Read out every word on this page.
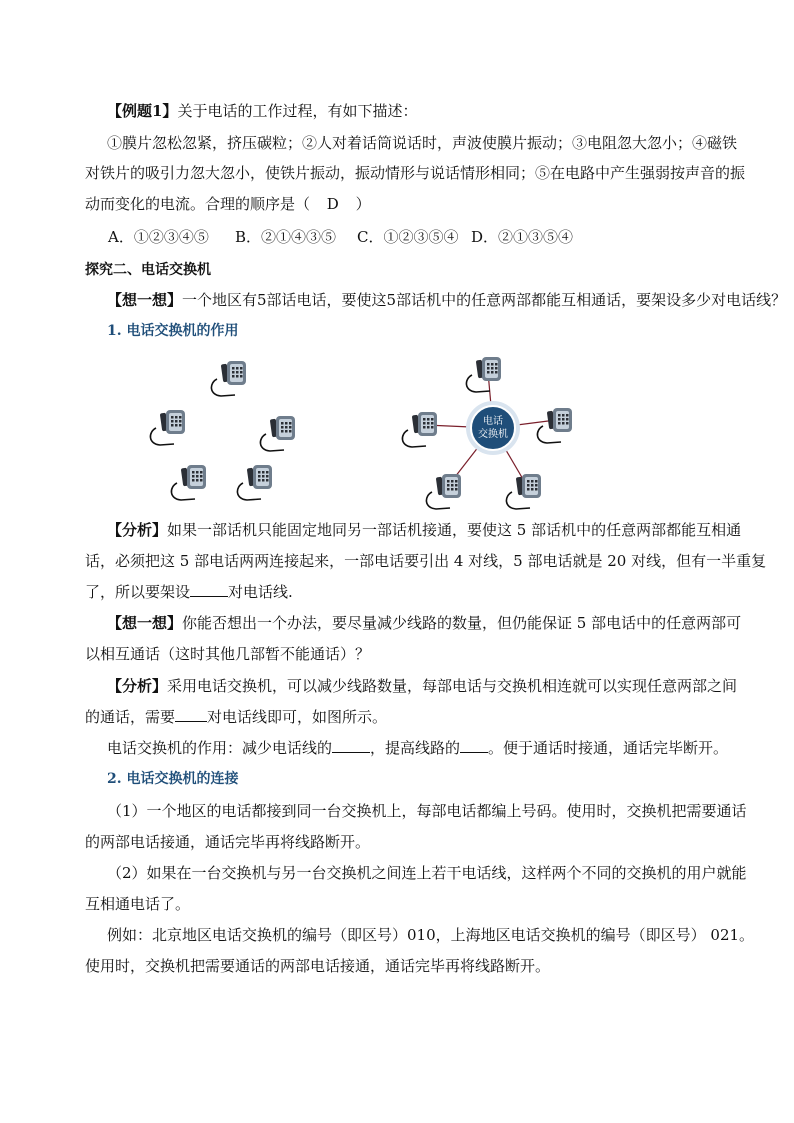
【例题1】关于电话的工作过程，有如下描述：
①膜片忽松忽紧，挤压碳粒；②人对着话筒说话时，声波使膜片振动；③电阻忽大忽小；④磁铁
对铁片的吸引力忽大忽小，使铁片振动，振动情形与说话情形相同；⑤在电路中产生强弱按声音的振
动而变化的电流。合理的顺序是（ D ）
A．①②③④⑤ B．②①④③⑤ C．①②③⑤④ D．②①③⑤④
探究二、电话交换机
【想一想】一个地区有5部话电话，要使这5部话机中的任意两部都能互相通话，要架设多少对电话线？
1. 电话交换机的作用
电话
交换机
【分析】如果一部话机只能固定地同另一部话机接通，要使这 5 部话机中的任意两部都能互相通
话，必须把这 5 部电话两两连接起来，一部电话要引出 4 对线，5 部电话就是 20 对线，但有一半重复
了，所以要架设	对电话线.
【想一想】你能否想出一个办法，要尽量减少线路的数量，但仍能保证 5 部电话中的任意两部可
以相互通话（这时其他几部暂不能通话）？
【分析】采用电话交换机，可以减少线路数量，每部电话与交换机相连就可以实现任意两部之间
的通话，需要 对电话线即可，如图所示。
电话交换机的作用：减少电话线的	，提高线路的 。便于通话时接通，通话完毕断开。
2. 电话交换机的连接
（1）一个地区的电话都接到同一台交换机上，每部电话都编上号码。使用时，交换机把需要通话
的两部电话接通，通话完毕再将线路断开。
（2）如果在一台交换机与另一台交换机之间连上若干电话线，这样两个不同的交换机的用户就能
互相通电话了。
例如：北京地区电话交换机的编号（即区号）010，上海地区电话交换机的编号（即区号） 021。
使用时，交换机把需要通话的两部电话接通，通话完毕再将线路断开。
